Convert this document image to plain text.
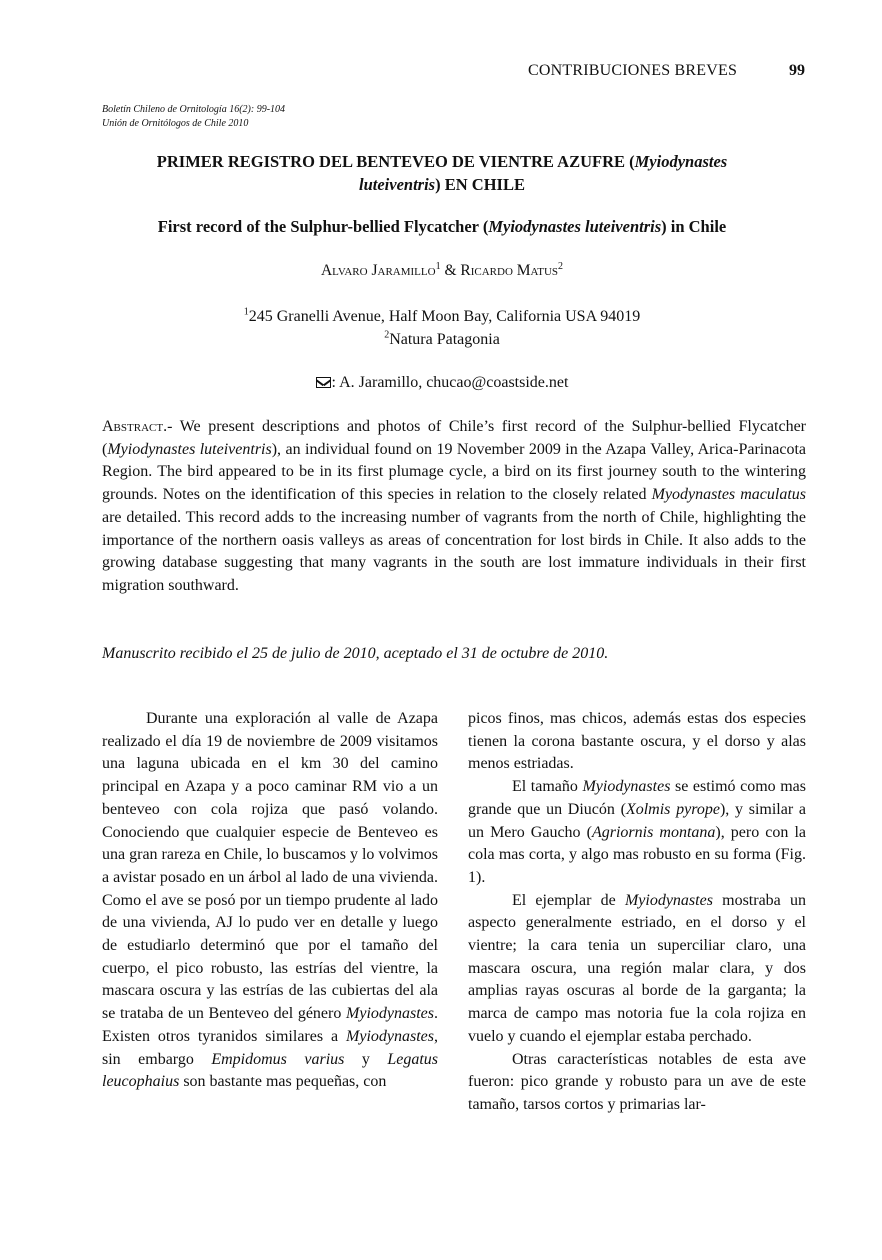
CONTRIBUCIONES BREVES	99
Boletín Chileno de Ornitología 16(2): 99-104
Unión de Ornitólogos de Chile 2010
PRIMER REGISTRO DEL BENTEVEO DE VIENTRE AZUFRE (Myiodynastes
luteiventris) EN CHILE
First record of the Sulphur-bellied Flycatcher (Myiodynastes luteiventris) in Chile
Alvaro Jaramillo$^1$ & Ricardo Matus$^2$
$^1$245 Granelli Avenue, Half Moon Bay, California USA 94019
$^2$Natura Patagonia
: A. Jaramillo, chucao@coastside.net
Abstract.- We present descriptions and photos of Chile’s first record of the Sulphur-bellied Flycatcher (Myiodynastes luteiventris), an individual found on 19 November 2009 in the Azapa Valley, Arica-Parinacota Region. The bird appeared to be in its first plumage cycle, a bird on its first journey south to the wintering grounds. Notes on the identification of this species in relation to the closely related Myodynastes maculatus are detailed. This record adds to the increasing number of vagrants from the north of Chile, highlighting the importance of the northern oasis valleys as areas of concentration for lost birds in Chile. It also adds to the growing database suggesting that many vagrants in the south are lost immature individuals in their first migration southward.
Manuscrito recibido el 25 de julio de 2010, aceptado el 31 de octubre de 2010.

Durante una exploración al valle de Azapa realizado el día 19 de noviembre de 2009 visitamos una laguna ubicada en el km 30 del camino principal en Azapa y a poco caminar RM vio a un benteveo con cola rojiza que pasó volando. Conociendo que cualquier especie de Benteveo es una gran rareza en Chile, lo buscamos y lo volvimos a avistar posado en un árbol al lado de una vivienda. Como el ave se posó por un tiempo prudente al lado de una vivienda, AJ lo pudo ver en detalle y luego de estudiarlo determinó que por el tamaño del cuerpo, el pico robusto, las estrías del vientre, la mascara oscura y las estrías de las cubiertas del ala se trataba de un Benteveo del género Myiodynastes. Existen otros tyranidos similares a Myiodynastes, sin embargo Empidomus varius y Legatus leucophaius son bastante mas pequeñas, con

picos finos, mas chicos, además estas dos especies tienen la corona bastante oscura, y el dorso y alas menos estriadas.

El tamaño Myiodynastes se estimó como mas grande que un Diucón (Xolmis pyrope), y similar a un Mero Gaucho (Agriornis montana), pero con la cola mas corta, y algo mas robusto en su forma (Fig. 1).

El ejemplar de Myiodynastes mostraba un aspecto generalmente estriado, en el dorso y el vientre; la cara tenia un superciliar claro, una mascara oscura, una región malar clara, y dos amplias rayas oscuras al borde de la garganta; la marca de campo mas notoria fue la cola rojiza en vuelo y cuando el ejemplar estaba perchado.

Otras características notables de esta ave fueron: pico grande y robusto para un ave de este tamaño, tarsos cortos y primarias lar-
